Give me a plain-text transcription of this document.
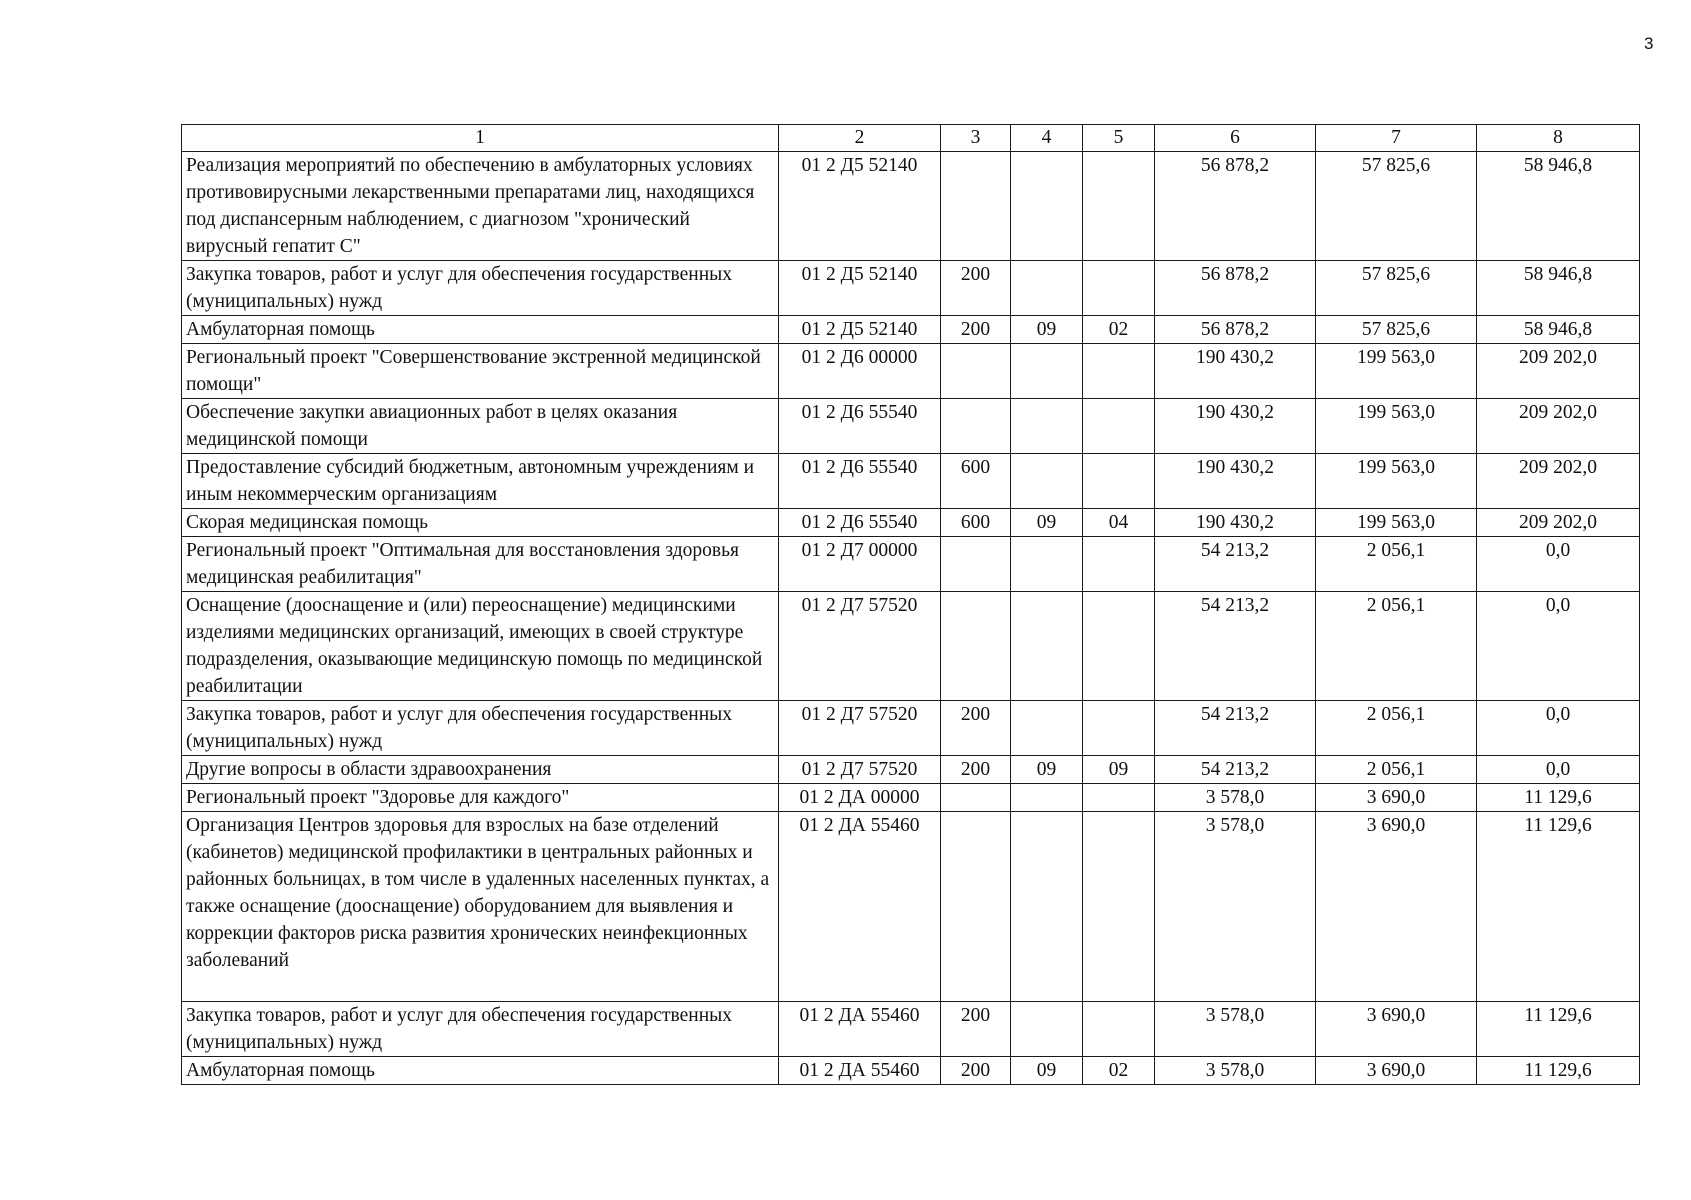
3
1	2	3	4	5	6	7	8
Реализация мероприятий по обеспечению в амбулаторных условиях противовирусными лекарственными препаратами лиц, находящихся под диспансерным наблюдением, с диагнозом "хронический вирусный гепатит С"	01 2 Д5 52140				56 878,2	57 825,6	58 946,8
Закупка товаров, работ и услуг для обеспечения государственных (муниципальных) нужд	01 2 Д5 52140	200			56 878,2	57 825,6	58 946,8
Амбулаторная помощь	01 2 Д5 52140	200	09	02	56 878,2	57 825,6	58 946,8
Региональный проект "Совершенствование экстренной медицинской помощи"	01 2 Д6 00000				190 430,2	199 563,0	209 202,0
Обеспечение закупки авиационных работ в целях оказания медицинской помощи	01 2 Д6 55540				190 430,2	199 563,0	209 202,0
Предоставление субсидий бюджетным, автономным учреждениям и иным некоммерческим организациям	01 2 Д6 55540	600			190 430,2	199 563,0	209 202,0
Скорая медицинская помощь	01 2 Д6 55540	600	09	04	190 430,2	199 563,0	209 202,0
Региональный проект "Оптимальная для восстановления здоровья медицинская реабилитация"	01 2 Д7 00000				54 213,2	2 056,1	0,0
Оснащение (дооснащение и (или) переоснащение) медицинскими изделиями медицинских организаций, имеющих в своей структуре подразделения, оказывающие медицинскую помощь по медицинской реабилитации	01 2 Д7 57520				54 213,2	2 056,1	0,0
Закупка товаров, работ и услуг для обеспечения государственных (муниципальных) нужд	01 2 Д7 57520	200			54 213,2	2 056,1	0,0
Другие вопросы в области здравоохранения	01 2 Д7 57520	200	09	09	54 213,2	2 056,1	0,0
Региональный проект "Здоровье для каждого"	01 2 ДА 00000				3 578,0	3 690,0	11 129,6
Организация Центров здоровья для взрослых на базе отделений (кабинетов) медицинской профилактики в центральных районных и районных больницах, в том числе в удаленных населенных пунктах, а также оснащение (дооснащение) оборудованием для выявления и коррекции факторов риска развития хронических неинфекционных заболеваний	01 2 ДА 55460				3 578,0	3 690,0	11 129,6
Закупка товаров, работ и услуг для обеспечения государственных (муниципальных) нужд	01 2 ДА 55460	200			3 578,0	3 690,0	11 129,6
Амбулаторная помощь	01 2 ДА 55460	200	09	02	3 578,0	3 690,0	11 129,6
